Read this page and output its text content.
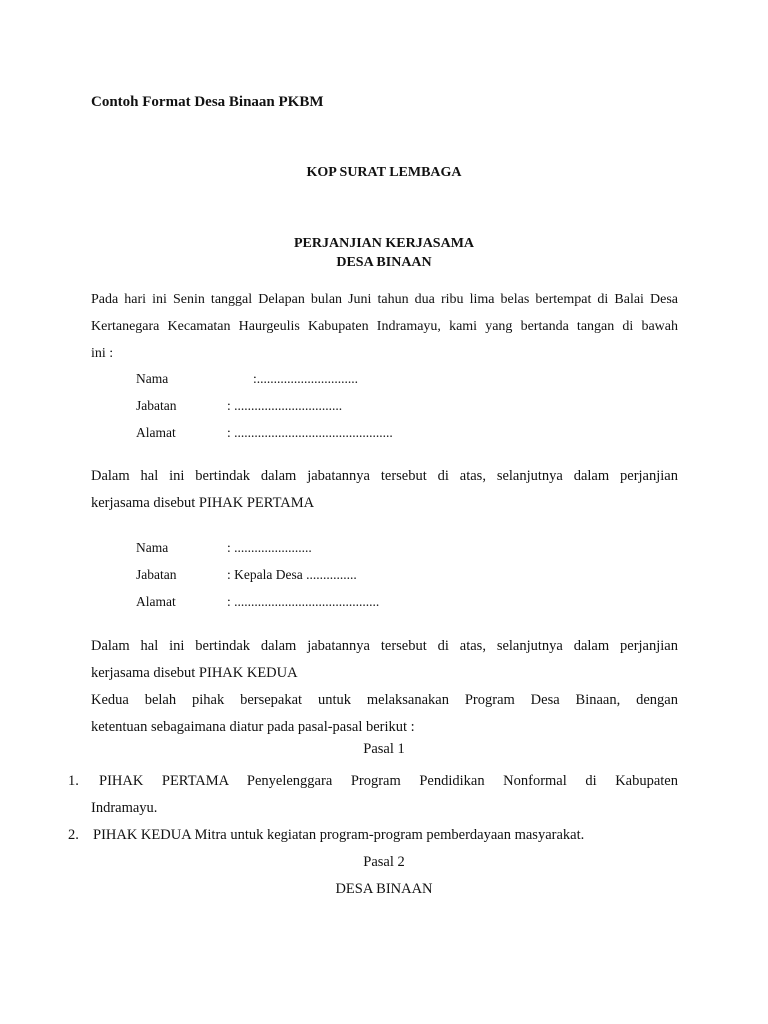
Contoh Format Desa Binaan PKBM
KOP SURAT LEMBAGA
PERJANJIAN KERJASAMA
DESA BINAAN
Pada hari ini Senin tanggal Delapan bulan Juni tahun dua ribu lima belas bertempat di Balai Desa
Kertanegara Kecamatan Haurgeulis Kabupaten Indramayu, kami yang bertanda tangan di bawah
ini :
Nama	:..............................
Jabatan	: ................................
Alamat	: ...............................................
Dalam hal ini bertindak dalam jabatannya tersebut di atas, selanjutnya dalam perjanjian
kerjasama disebut PIHAK PERTAMA
Nama	: .......................
Jabatan	: Kepala Desa ...............
Alamat	: ...........................................
Dalam hal ini bertindak dalam jabatannya tersebut di atas, selanjutnya dalam perjanjian
kerjasama disebut PIHAK KEDUA
Kedua belah pihak bersepakat untuk melaksanakan Program Desa Binaan, dengan
ketentuan sebagaimana diatur pada pasal-pasal berikut :
Pasal 1
1. PIHAK PERTAMA Penyelenggara Program Pendidikan Nonformal di Kabupaten
Indramayu.
2. PIHAK KEDUA Mitra untuk kegiatan program-program pemberdayaan masyarakat.
Pasal 2
DESA BINAAN
